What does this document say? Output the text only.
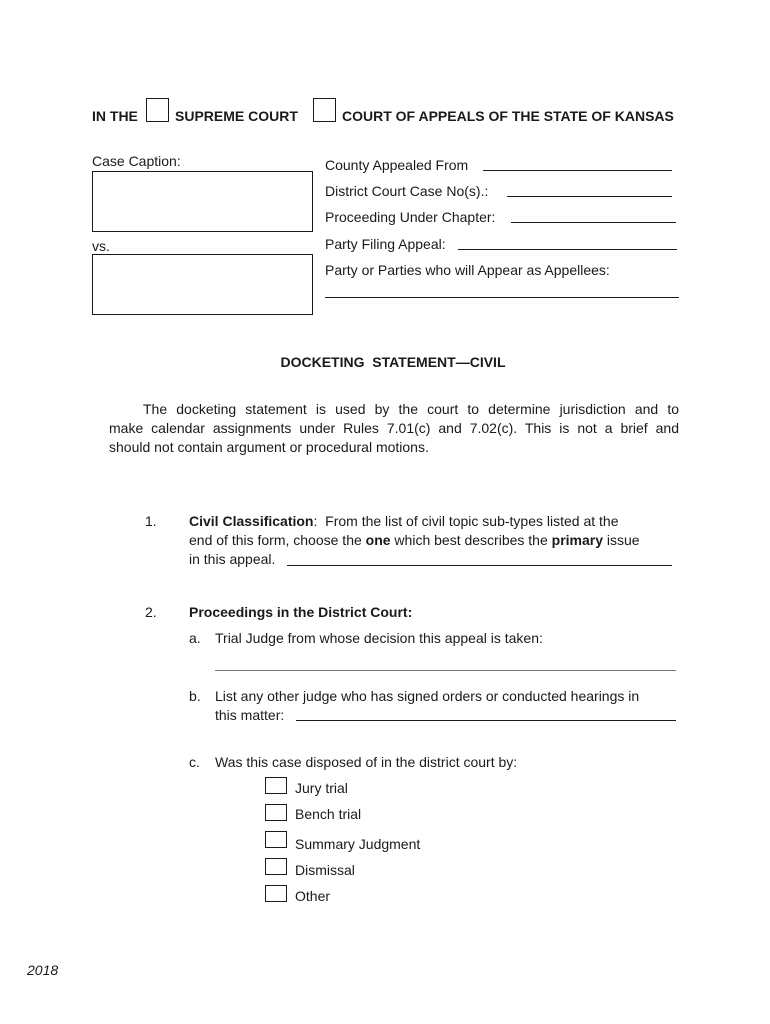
IN THE	SUPREME COURT	COURT OF APPEALS OF THE STATE OF KANSAS
Case Caption:
vs.
County Appealed From
District Court Case No(s).:
Proceeding Under Chapter:
Party Filing Appeal:
Party or Parties who will Appear as Appellees:
DOCKETING  STATEMENT—CIVIL
The docketing statement is used by the court to determine jurisdiction and to
make calendar assignments under Rules 7.01(c) and 7.02(c). This is not a brief and
should not contain argument or procedural motions.
1. Civil Classification:  From the list of civil topic sub-types listed at the
end of this form, choose the one which best describes the primary issue
in this appeal.
2. Proceedings in the District Court:
a. Trial Judge from whose decision this appeal is taken:
b. List any other judge who has signed orders or conducted hearings in
this matter:
c. Was this case disposed of in the district court by:
Jury trial
Bench trial
Summary Judgment
Dismissal
Other
2018
